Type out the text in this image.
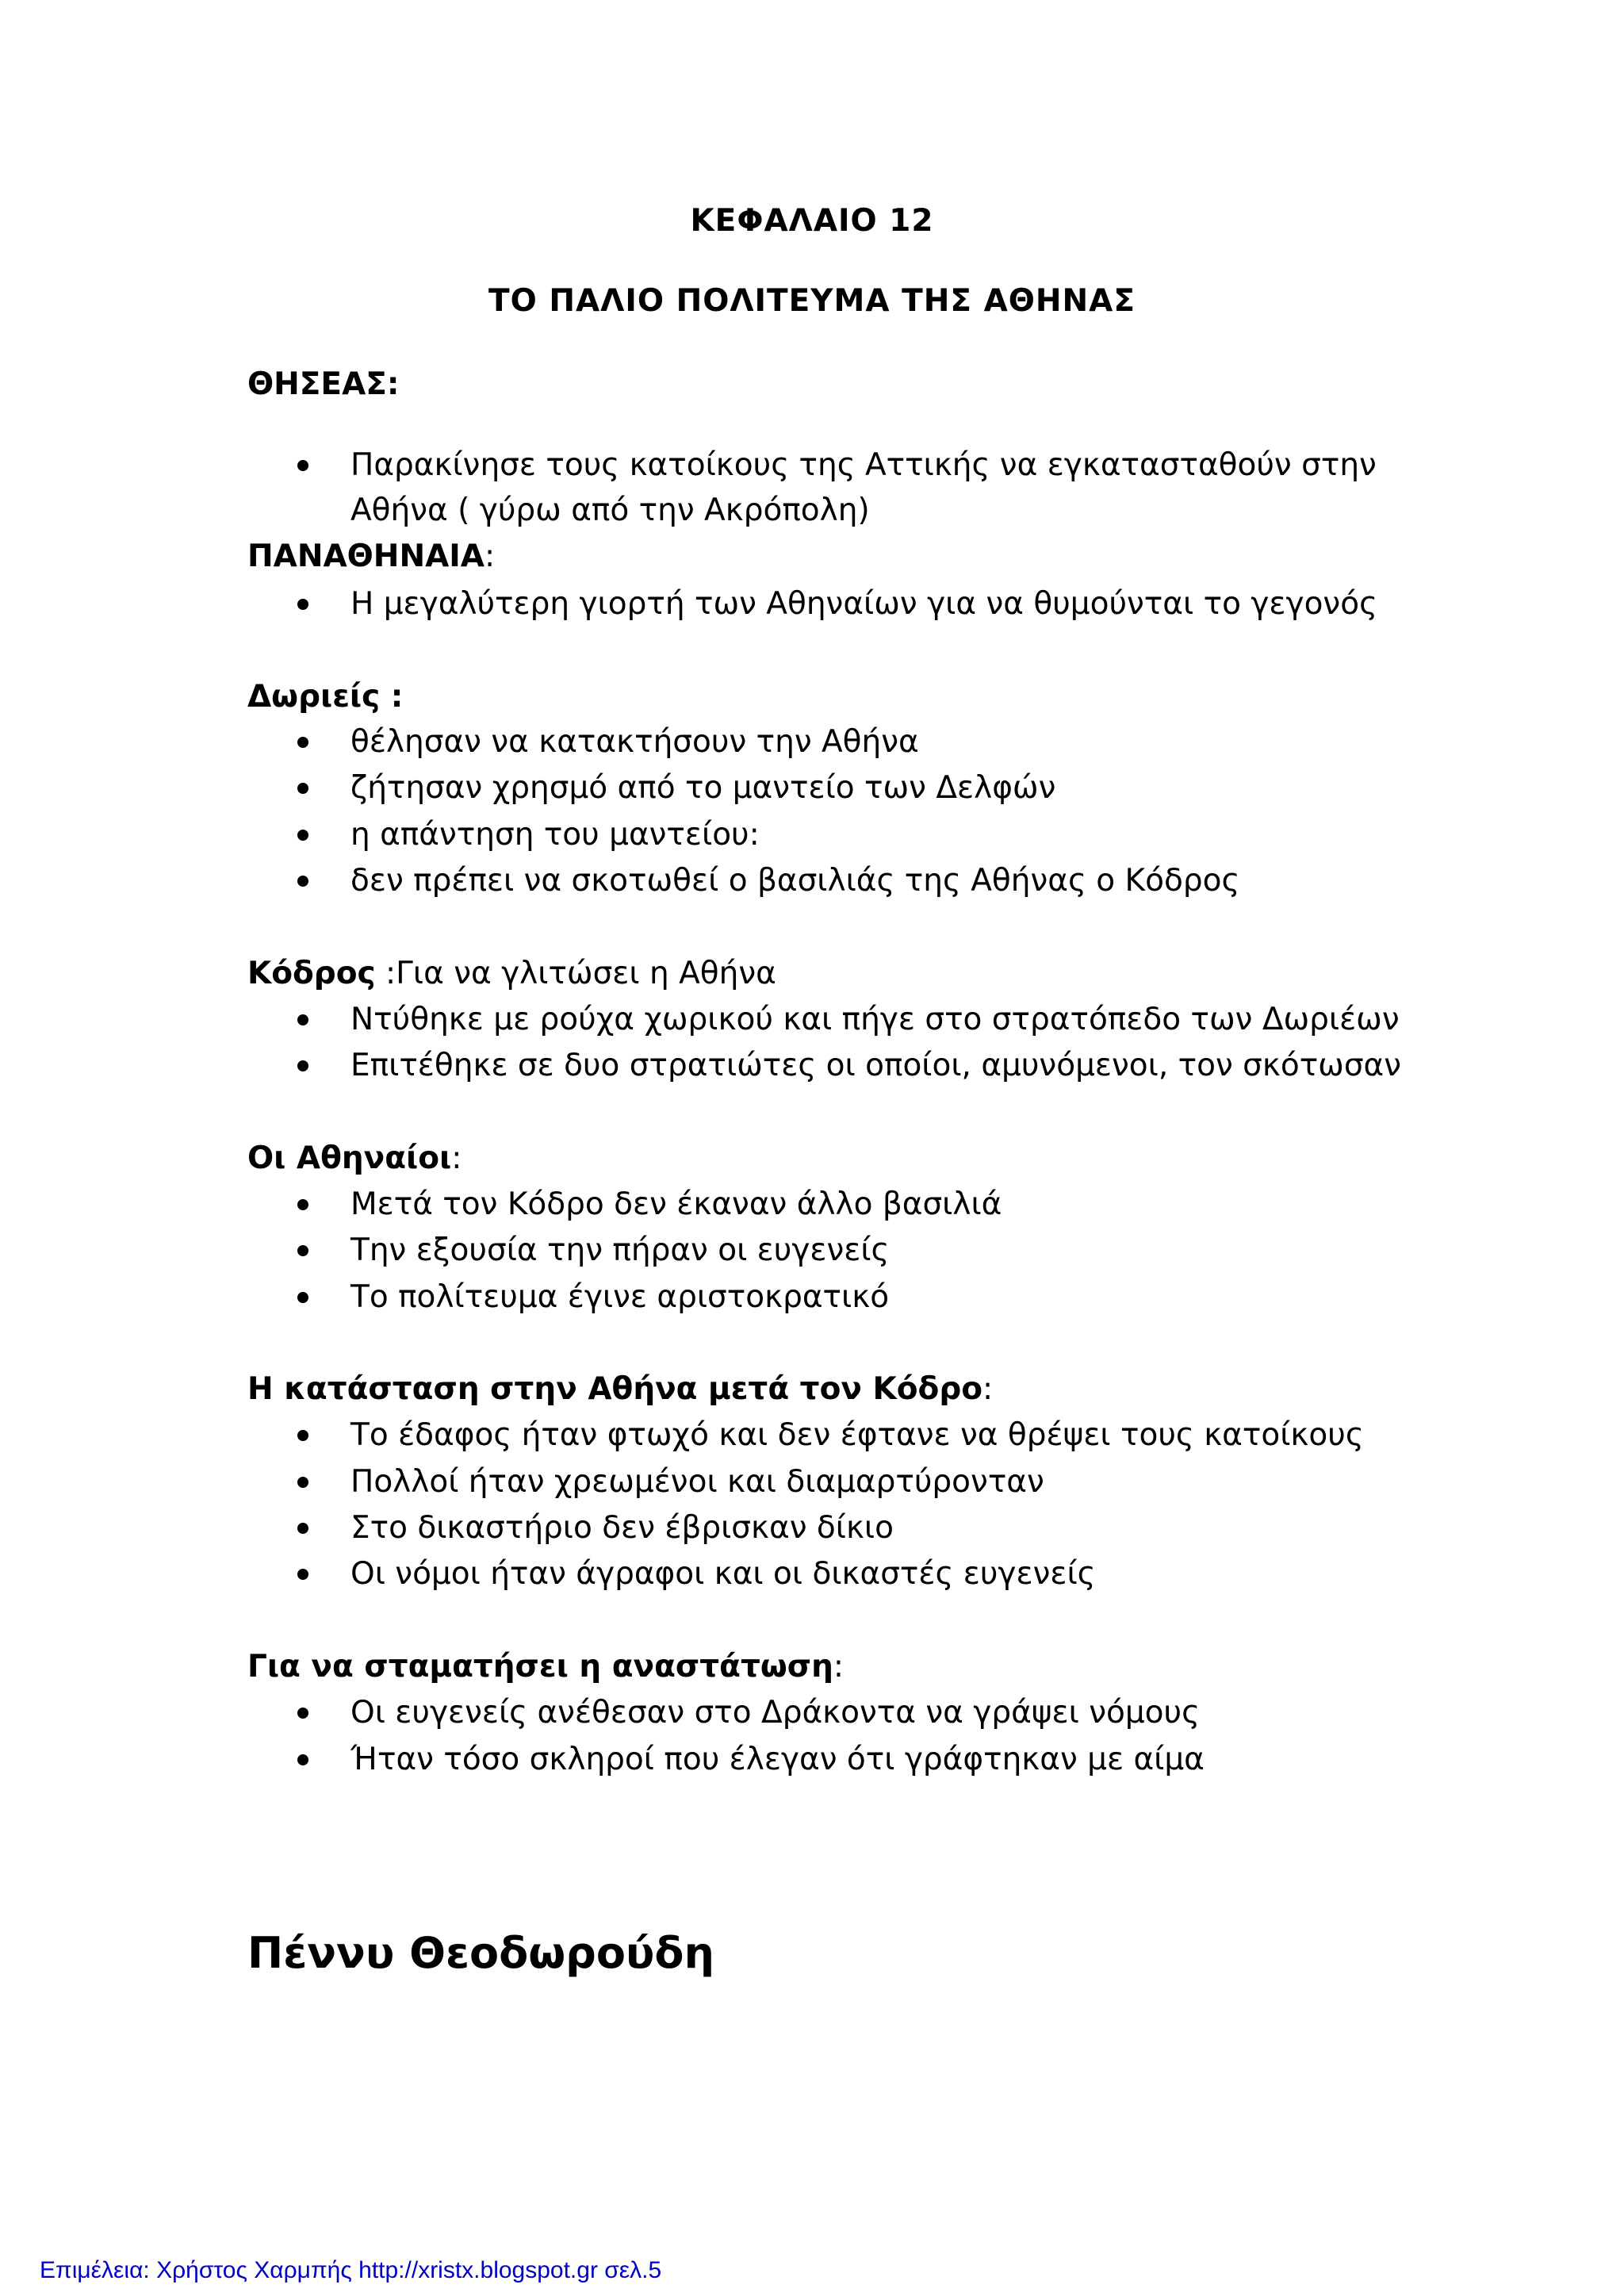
ΚΕΦΑΛΑΙΟ 12
ΤΟ ΠΑΛΙΟ ΠΟΛΙΤΕΥΜΑ ΤΗΣ ΑΘΗΝΑΣ
ΘΗΣΕΑΣ:
Παρακίνησε τους κατοίκους της Αττικής να εγκατασταθούν στην
Αθήνα ( γύρω από την Ακρόπολη)
ΠΑΝΑΘΗΝΑΙΑ:
Η μεγαλύτερη γιορτή των Αθηναίων για να θυμούνται το γεγονός
Δωριείς :
θέλησαν να κατακτήσουν την Αθήνα
ζήτησαν χρησμό από το μαντείο των Δελφών
η απάντηση του μαντείου:
δεν πρέπει να σκοτωθεί ο βασιλιάς της Αθήνας ο Κόδρος
Κόδρος :Για να γλιτώσει η Αθήνα
Ντύθηκε με ρούχα χωρικού και πήγε στο στρατόπεδο των Δωριέων
Επιτέθηκε σε δυο στρατιώτες οι οποίοι, αμυνόμενοι, τον σκότωσαν
Οι Αθηναίοι:
Μετά τον Κόδρο δεν έκαναν άλλο βασιλιά
Την εξουσία την πήραν οι ευγενείς
Το πολίτευμα έγινε αριστοκρατικό
Η κατάσταση στην Αθήνα μετά τον Κόδρο:
Το έδαφος ήταν φτωχό και δεν έφτανε να θρέψει τους κατοίκους
Πολλοί ήταν χρεωμένοι και διαμαρτύρονταν
Στο δικαστήριο δεν έβρισκαν δίκιο
Οι νόμοι ήταν άγραφοι και οι δικαστές ευγενείς
Για να σταματήσει η αναστάτωση:
Οι ευγενείς ανέθεσαν στο Δράκοντα να γράψει νόμους
Ήταν τόσο σκληροί που έλεγαν ότι γράφτηκαν με αίμα
Πέννυ Θεοδωρούδη
Επιμέλεια: Χρήστος Χαρμπής http://xristx.blogspot.gr σελ.5
